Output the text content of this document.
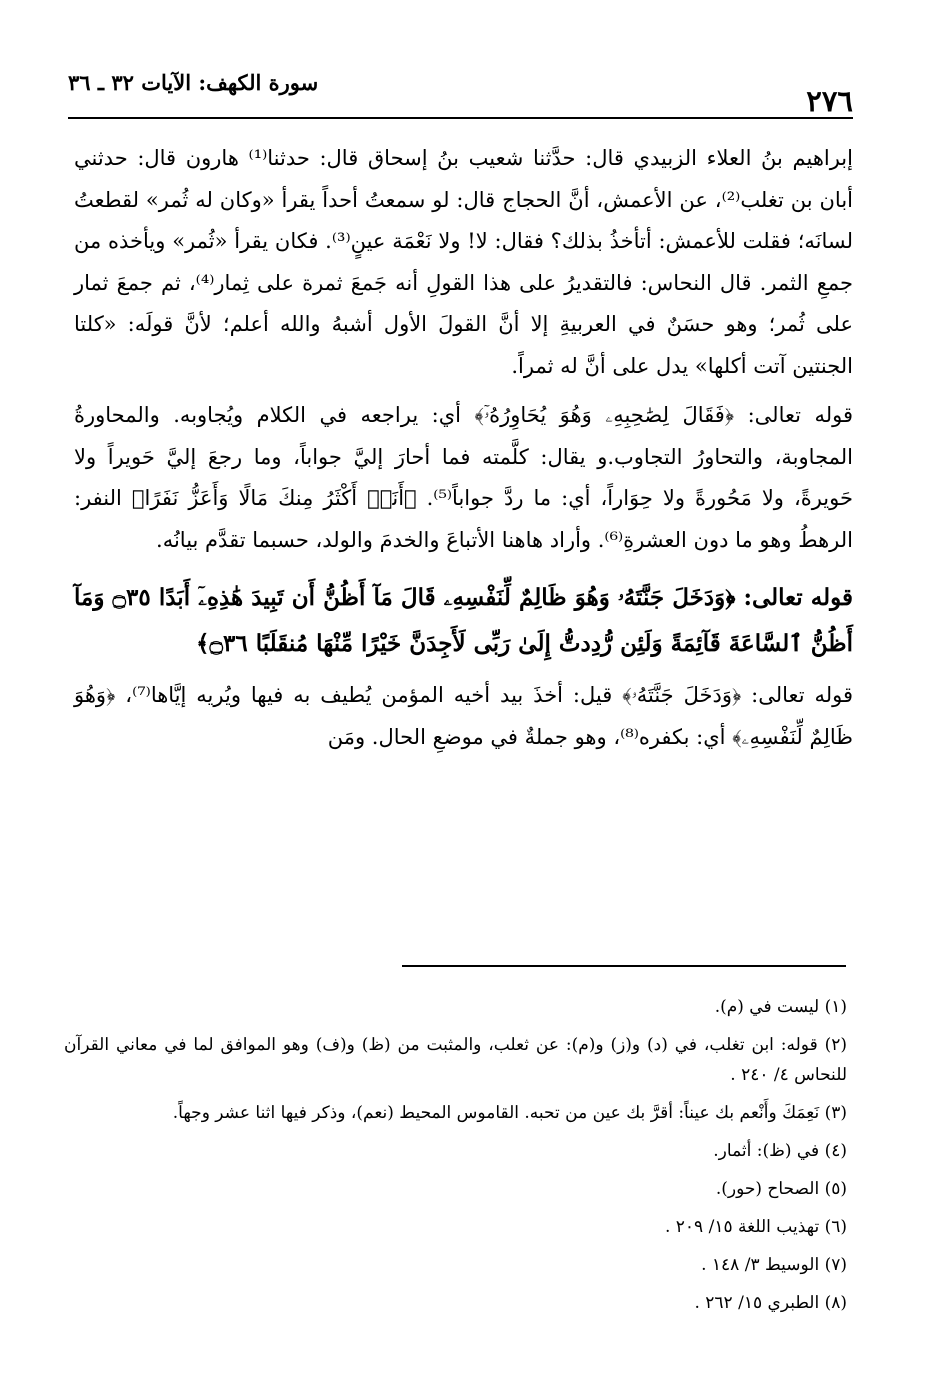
٢٧٦
سورة الكهف: الآيات ٣٢ ـ ٣٦

إبراهيم بنُ العلاء الزبيدي قال: حدَّثنا شعيب بنُ إسحاق قال: حدثنا⁽¹⁾ هارون قال: حدثني أبان بن تغلب⁽²⁾، عن الأعمش، أنَّ الحجاج قال: لو سمعتُ أحداً يقرأ «وكان له ثُمر» لقطعتُ لسانَه؛ فقلت للأعمش: أتأخذُ بذلك؟ فقال: لا! ولا نَعْمَة عينٍ⁽³⁾. فكان يقرأ «ثُمر» ويأخذه من جمعِ الثمر. قال النحاس: فالتقديرُ على هذا القولِ أنه جَمعَ ثمرة على ثِمار⁽⁴⁾، ثم جمعَ ثمار على ثُمر؛ وهو حسَنٌ في العربيةِ إلا أنَّ القولَ الأول أشبهُ والله أعلم؛ لأنَّ قولَه: «كلتا الجنتين آتت أكلها» يدل على أنَّ له ثمراً.

قوله تعالى: ﴿فَقَالَ لِصَٰحِبِهِۦ وَهُوَ يُحَاوِرُهُۥٓ﴾ أي: يراجعه في الكلام ويُجاوبه. والمحاورةُ المجاوبة، والتحاورُ التجاوب.و يقال: كلَّمته فما أحارَ إليَّ جواباً، وما رجعَ إليَّ حَويراً ولا حَويرةً، ولا مَحُورةً ولا حِوَاراً، أي: ما ردَّ جواباً⁽⁵⁾. ﴿أَنَا۠ أَكْثَرُ مِنكَ مَالًا وَأَعَزُّ نَفَرًا﴾ النفر: الرهطُ وهو ما دون العشرةِ⁽⁶⁾. وأراد هاهنا الأتباعَ والخدمَ والولد، حسبما تقدَّم بيانُه.

قوله تعالى: ﴿وَدَخَلَ جَنَّتَهُۥ وَهُوَ ظَالِمٌ لِّنَفْسِهِۦ قَالَ مَآ أَظُنُّ أَن تَبِيدَ هَٰذِهِۦٓ أَبَدًا ۝٣٥ وَمَآ أَظُنُّ ٱلسَّاعَةَ قَآئِمَةً وَلَئِن رُّدِدتُّ إِلَىٰ رَبِّى لَأَجِدَنَّ خَيْرًا مِّنْهَا مُنقَلَبًا ۝٣٦﴾

قوله تعالى: ﴿وَدَخَلَ جَنَّتَهُۥ﴾ قيل: أخذَ بيد أخيه المؤمن يُطيف به فيها ويُريه إيَّاها⁽⁷⁾، ﴿وَهُوَ ظَالِمٌ لِّنَفْسِهِۦ﴾ أي: بكفره⁽⁸⁾، وهو جملةٌ في موضعِ الحال. ومَن

(١) ليست في (م).

(٢) قوله: ابن تغلب، في (د) و(ز) و(م): عن ثعلب، والمثبت من (ظ) و(ف) وهو الموافق لما في معاني القرآن للنحاس ٤/ ٢٤٠ .

(٣) نَعِمَكَ وأَنْعم بك عيناً: أقرَّ بك عين من تحبه. القاموس المحيط (نعم)، وذكر فيها اثنا عشر وجهاً.

(٤) في (ظ): أثمار.

(٥) الصحاح (حور).

(٦) تهذيب اللغة ١٥/ ٢٠٩ .

(٧) الوسيط ٣/ ١٤٨ .

(٨) الطبري ١٥/ ٢٦٢ .
